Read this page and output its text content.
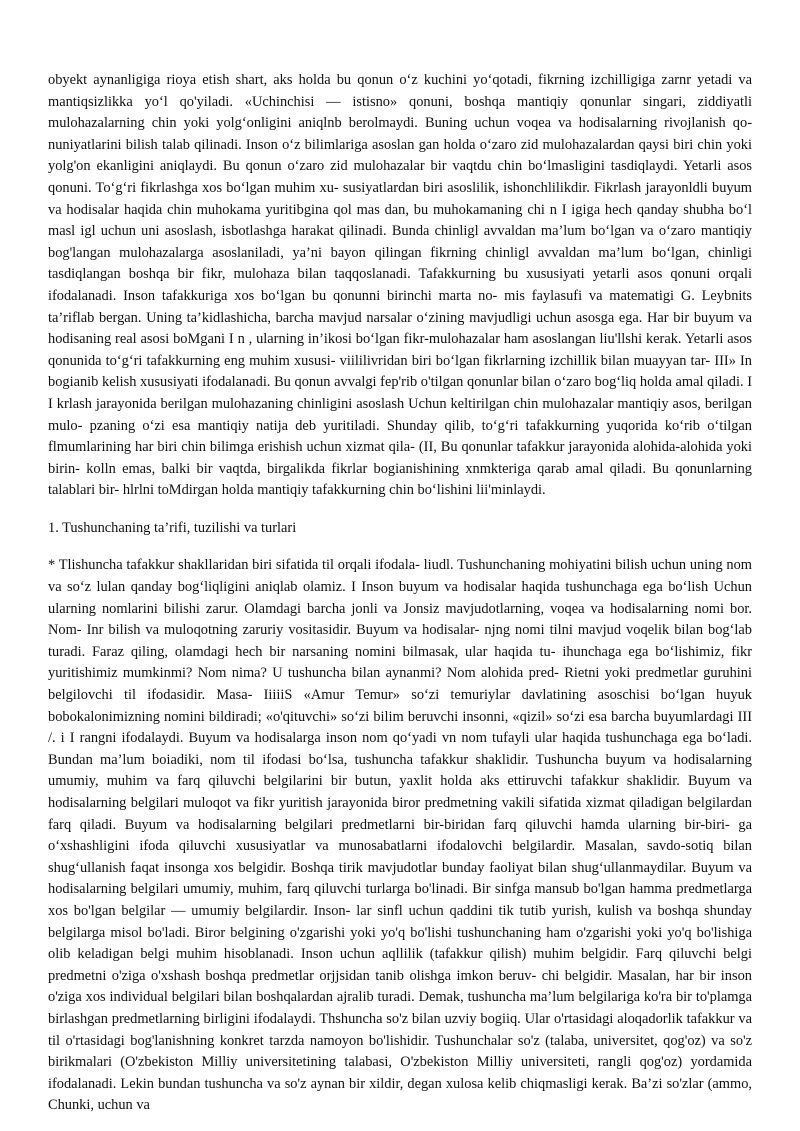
obyekt aynanligiga rioya etish shart, aks holda bu qonun o‘z kuchini yo‘qotadi, fikrning izchilligiga zarnr yetadi va mantiqsizlikka yo‘l qo'yiladi. «Uchinchisi — istisno» qonuni, boshqa mantiqiy qonunlar singari, ziddiyatli mulohazalarning chin yoki yolg‘onligini aniqlnb berolmaydi. Buning uchun voqea va hodisalarning rivojlanish qo- nuniyatlarini bilish talab qilinadi. Inson o‘z bilimlariga asoslan gan holda o‘zaro zid mulohazalardan qaysi biri chin yoki yolg'on ekanligini aniqlaydi. Bu qonun o‘zaro zid mulohazalar bir vaqtdu chin bo‘lmasligini tasdiqlaydi. Yetarli asos qonuni. To‘g‘ri fikrlashga xos bo‘lgan muhim xu- susiyatlardan biri asoslilik, ishonchlilikdir. Fikrlash jarayonldli buyum va hodisalar haqida chin muhokama yuritibgina qol mas dan, bu muhokamaning chi n I igiga hech qanday shubha bo‘l masl igl uchun uni asoslash, isbotlashga harakat qilinadi. Bunda chinligl avvaldan ma’lum bo‘lgan va o‘zaro mantiqiy bog'langan mulohazalarga asoslaniladi, ya’ni bayon qilingan fikrning chinligl avvaldan ma’lum bo‘lgan, chinligi tasdiqlangan boshqa bir fikr, mulohaza bilan taqqoslanadi. Tafakkurning bu xususiyati yetarli asos qonuni orqali ifodalanadi. Inson tafakkuriga xos bo‘lgan bu qonunni birinchi marta no- mis faylasufi va matematigi G. Leybnits ta’riflab bergan. Uning ta’kidlashicha, barcha mavjud narsalar o‘zining mavjudligi uchun asosga ega. Har bir buyum va hodisaning real asosi boMgani I n , ularning in’ikosi bo‘lgan fikr-mulohazalar ham asoslangan liu'llshi kerak. Yetarli asos qonunida to‘g‘ri tafakkurning eng muhim xususi- viililivridan biri bo‘lgan fikrlarning izchillik bilan muayyan tar- III» In bogianib kelish xususiyati ifodalanadi. Bu qonun avvalgi fep'rib o'tilgan qonunlar bilan o‘zaro bog‘liq holda amal qiladi. I I krlash jarayonida berilgan mulohazaning chinligini asoslash Uchun keltirilgan chin mulohazalar mantiqiy asos, berilgan mulo- pzaning o‘zi esa mantiqiy natija deb yuritiladi. Shunday qilib, to‘g‘ri tafakkurning yuqorida ko‘rib o‘tilgan flmumlarining har biri chin bilimga erishish uchun xizmat qila- (II, Bu qonunlar tafakkur jarayonida alohida-alohida yoki birin- kolln emas, balki bir vaqtda, birgalikda fikrlar bogianishining xnmkteriga qarab amal qiladi. Bu qonunlarning talablari bir- hlrlni toMdirgan holda mantiqiy tafakkurning chin bo‘lishini lii'minlaydi.

1. Tushunchaning ta’rifi, tuzilishi va turlari

* Tlishuncha tafakkur shakllaridan biri sifatida til orqali ifodala- liudl. Tushunchaning mohiyatini bilish uchun uning nom va so‘z lulan qanday bog‘liqligini aniqlab olamiz. I Inson buyum va hodisalar haqida tushunchaga ega bo‘lish Uchun ularning nomlarini bilishi zarur. Olamdagi barcha jonli va Jonsiz mavjudotlarning, voqea va hodisalarning nomi bor. Nom- Inr bilish va muloqotning zaruriy vositasidir. Buyum va hodisalar- njng nomi tilni mavjud voqelik bilan bog‘lab turadi. Faraz qiling, olamdagi hech bir narsaning nomini bilmasak, ular haqida tu- ihunchaga ega bo‘lishimiz, fikr yuritishimiz mumkinmi? Nom nima? U tushuncha bilan aynanmi? Nom alohida pred- Rietni yoki predmetlar guruhini belgilovchi til ifodasidir. Masa- IiiiiS «Amur Temur» so‘zi temuriylar davlatining asoschisi bo‘lgan huyuk bobokalonimizning nomini bildiradi; «o'qituvchi» so‘zi bilim beruvchi insonni, «qizil» so‘zi esa barcha buyumlardagi III /. i I rangni ifodalaydi. Buyum va hodisalarga inson nom qo‘yadi vn nom tufayli ular haqida tushunchaga ega bo‘ladi. Bundan ma’lum boiadiki, nom til ifodasi bo‘lsa, tushuncha tafakkur shaklidir. Tushuncha buyum va hodisalarning umumiy, muhim va farq qiluvchi belgilarini bir butun, yaxlit holda aks ettiruvchi tafakkur shaklidir. Buyum va hodisalarning belgilari muloqot va fikr yuritish jarayonida biror predmetning vakili sifatida xizmat qiladigan belgilardan farq qiladi. Buyum va hodisalarning belgilari predmetlarni bir-biridan farq qiluvchi hamda ularning bir-biri- ga o‘xshashligini ifoda qiluvchi xususiyatlar va munosabatlarni ifodalovchi belgilardir. Masalan, savdo-sotiq bilan shug‘ullanish faqat insonga xos belgidir. Boshqa tirik mavjudotlar bunday faoliyat bilan shug‘ullanmaydilar. Buyum va hodisalarning belgilari umumiy, muhim, farq qiluvchi turlarga bo'linadi. Bir sinfga mansub bo'lgan hamma predmetlarga xos bo'lgan belgilar — umumiy belgilardir. Inson- lar sinfl uchun qaddini tik tutib yurish, kulish va boshqa shunday belgilarga misol bo'ladi. Biror belgining o'zgarishi yoki yo'q bo'lishi tushunchaning ham o'zgarishi yoki yo'q bo'lishiga olib keladigan belgi muhim hisoblanadi. Inson uchun aqllilik (tafakkur qilish) muhim belgidir. Farq qiluvchi belgi predmetni o'ziga o'xshash boshqa predmetlar orjjsidan tanib olishga imkon beruv- chi belgidir. Masalan, har bir inson o'ziga xos individual belgilari bilan boshqalardan ajralib turadi. Demak, tushuncha ma’lum belgilariga ko'ra bir to'plamga birlashgan predmetlarning birligini ifodalaydi. Thshuncha so'z bilan uzviy bogiiq. Ular o'rtasidagi aloqadorlik tafakkur va til o'rtasidagi bog'lanishning konkret tarzda namoyon bo'lishidir. Tushunchalar so'z (talaba, universitet, qog'oz) va so'z birikmalari (O'zbekiston Milliy universitetining talabasi, O'zbekiston Milliy universiteti, rangli qog'oz) yordamida ifodalanadi. Lekin bundan tushuncha va so'z aynan bir xildir, degan xulosa kelib chiqmasligi kerak. Ba’zi so'zlar (ammo, Chunki, uchun va
